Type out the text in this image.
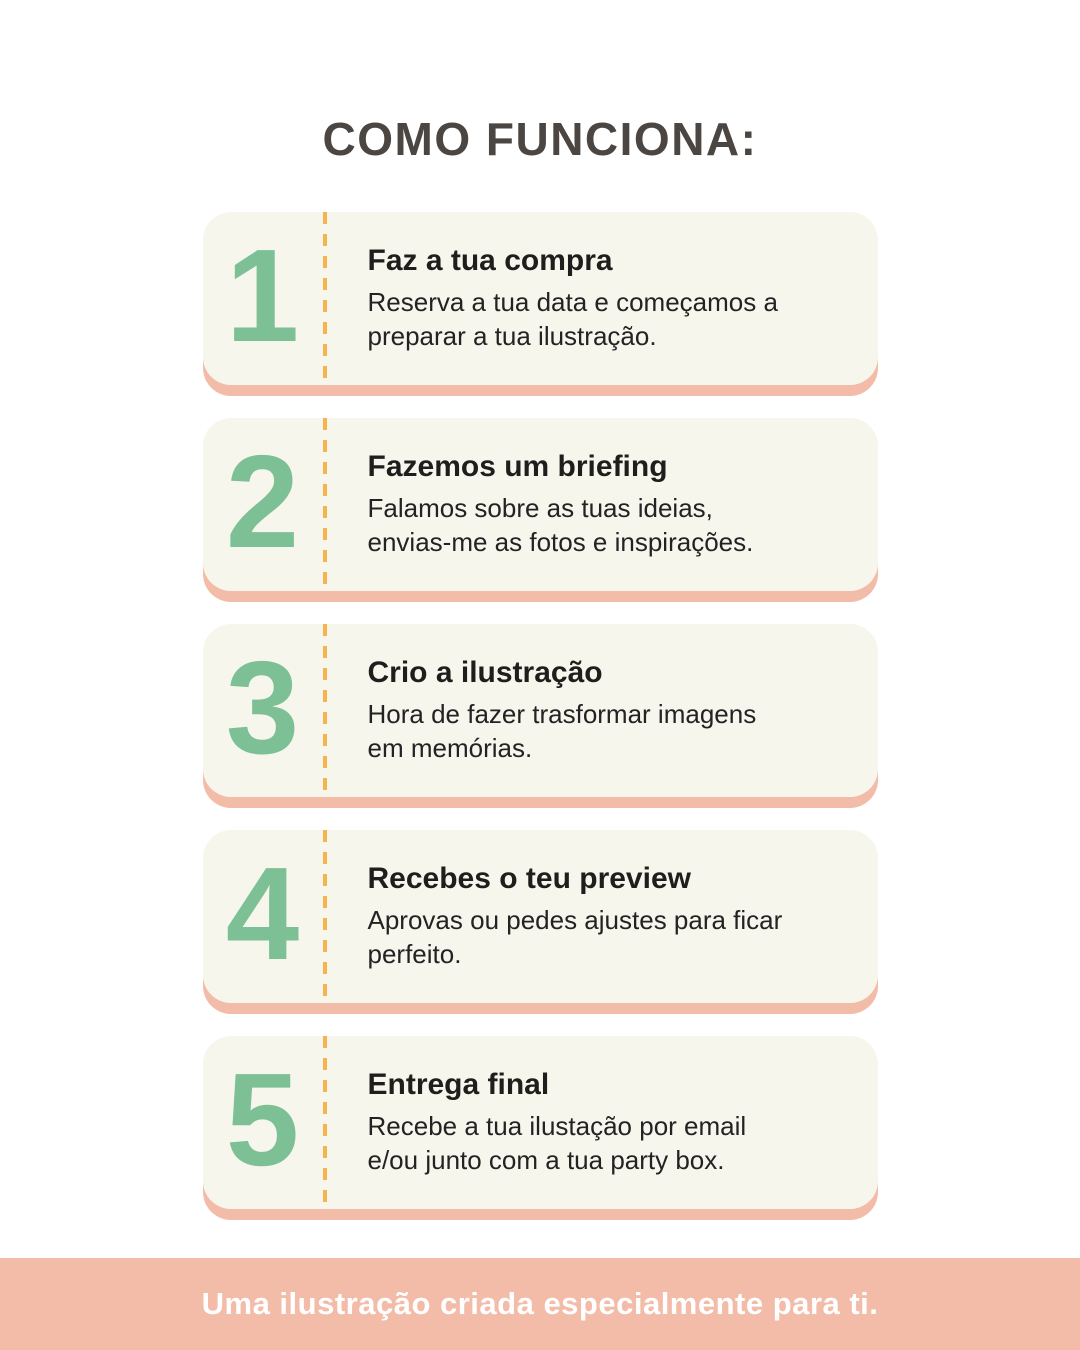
COMO FUNCIONA:
1	Faz a tua compra
Reserva a tua data e começamos a
preparar a tua ilustração.
2	Fazemos um briefing
Falamos sobre as tuas ideias,
envias-me as fotos e inspirações.
3	Crio a ilustração
Hora de fazer trasformar imagens
em memórias.
4	Recebes o teu preview
Aprovas ou pedes ajustes para ficar
perfeito.
5	Entrega final
Recebe a tua ilustação por email
e/ou junto com a tua party box.
Uma ilustração criada especialmente para ti.
